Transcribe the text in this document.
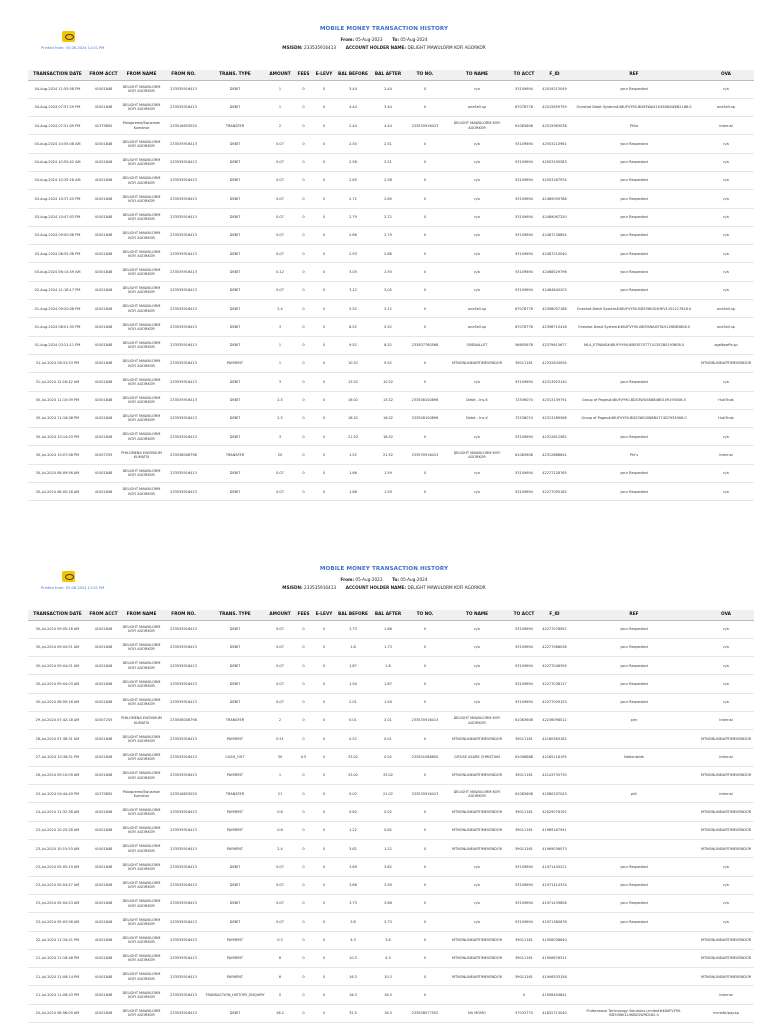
Printed from: 05-08-2024 11:01 PM
MOBILE MONEY TRANSACTION HISTORY
From: 05-Aug-2023 To: 05-Aug-2024
MSISDN: 233535916413 ACCOUNT HOLDER NAME: DELIGHT MAWULORM KOFI AGORKOR
TRANSACTION DATE	FROM ACCT	FROM NAME	FROM NO.	TRANS. TYPE	AMOUNT	FEES	E-LEVY	BAL BEFORE	BAL AFTER	TO NO.	TO NAME	TO ACCT	F_ID	REF	OVA
04-Aug-2024 11:55:58 PM	41001848	DELIGHT MAWULORM KOFI AGORKOR	233535916413	DEBIT	1	0	0	3.44	2.44	0	n/a	53109694	42519213049	your Requested	n/a
04-Aug-2024 07:57:29 PM	41001848	DELIGHT MAWULORM KOFI AGORKOR	233535916413	DEBIT	1	0	0	4.44	3.44	0	oneSell.sp	67078778	42515659759	Oneshot Debit System#48UFVY90-BD93WAX1S45682W6B2188.0	oneSell.sp
04-Aug-2024 07:51:09 PM	41379850	Pistopreme/Ewusman Kumahor	233516653020	TRANSFER	2	0	0	2.44	4.44	233535916413	DELIGHT MAWULORM KOFI AGORKOR	61083608	42515963038	Phila	internal
04-Aug-2024 10:55:08 AM	41001848	DELIGHT MAWULORM KOFI AGORKOR	233535916413	DEBIT	0.07	0	0	2.50	2.51	0	n/a	53109694	42503215961	your Requested	n/a
04-Aug-2024 10:55:42 AM	41001848	DELIGHT MAWULORM KOFI AGORKOR	233535916413	DEBIT	0.07	0	0	2.58	2.51	0	n/a	53109694	42503195583	your Requested	n/a
04-Aug-2024 10:35:28 AM	41001848	DELIGHT MAWULORM KOFI AGORKOR	233535916413	DEBIT	0.07	0	0	2.65	2.58	0	n/a	53109694	42503187934	your Requested	n/a
03-Aug-2024 10:37:25 PM	41001848	DELIGHT MAWULORM KOFI AGORKOR	233535916413	DEBIT	0.07	0	0	2.72	2.65	0	n/a	53109694	42489059788	your Requested	n/a
03-Aug-2024 10:47:03 PM	41001848	DELIGHT MAWULORM KOFI AGORKOR	233535916413	DEBIT	0.07	0	0	2.79	2.72	0	n/a	53109694	42489067250	your Requested	n/a
03-Aug-2024 09:00:08 PM	41001848	DELIGHT MAWULORM KOFI AGORKOR	233535916413	DEBIT	0.07	0	0	2.86	2.79	0	n/a	53109694	42487238854	your Requested	n/a
03-Aug-2024 08:55:38 PM	41001848	DELIGHT MAWULORM KOFI AGORKOR	233535916413	DEBIT	0.07	0	0	2.93	2.86	0	n/a	53109694	42487210040	your Requested	n/a
03-Aug-2024 06:14:49 AM	41001848	DELIGHT MAWULORM KOFI AGORKOR	233535916413	DEBIT	0.12	0	0	3.05	2.93	0	n/a	53109694	42468529796	your Requested	n/a
02-Aug-2024 11:18:17 PM	41001848	DELIGHT MAWULORM KOFI AGORKOR	233535916413	DEBIT	0.07	0	0	3.12	3.05	0	n/a	53109694	42464640203	your Requested	n/a
01-Aug-2024 09:20:08 PM	41001848	DELIGHT MAWULORM KOFI AGORKOR	233535916413	DEBIT	2.4	0	0	5.52	3.12	0	oneSell.sp	67078778	42398057188	Oneshot Debit System#48UFVY90-BD93WGS4HEV1101217618.0	oneSell.sp
01-Aug-2024 08:01:35 PM	41001848	DELIGHT MAWULORM KOFI AGORKOR	233535916413	DEBIT	3	0	0	8.52	5.52	0	oneSell.sp	67078778	42398710418	Oneshot Debit System#48UFVY90-BD93WAX5TAH11BE6D808.0	oneSell.sp
01-Aug-2024 03:21:11 PM	41001848	DELIGHT MAWULORM KOFI AGORKOR	233535916413	DEBIT	1	0	0	9.52	8.52	233507780568	OBENALLET	56655678	42379615677	MLA_ETRANS#48UFVY90-BB03E7ST7741352B0193608.0	ageNewPs.sp
31-Jul-2024 08:31:53 PM	41001848	DELIGHT MAWULORM KOFI AGORKOR	233535916413	PAYMENT	1	0	0	10.52	9.52	0	MTNONLINEAIRTIMEVENDOR	39011161	42332634094		MTNONLINEAIRTIMEVENDOR
31-Jul-2024 12:16:42 AM	41001848	DELIGHT MAWULORM KOFI AGORKOR	233535916413	DEBIT	3	0	0	13.52	10.52	0	n/a	53109694	42313923140	your Requested	n/a
30-Jul-2024 11:15:09 PM	41001848	DELIGHT MAWULORM KOFI AGORKOR	233535916413	DEBIT	2.5	0	0	16.02	13.52	233508100896	Debit - Inv.X	72536074	42313139791	Group of Pages#48UFVY90-BD03WGSK8B4B0109193008.0	HubTrust
30-Jul-2024 11:16:08 PM	41001848	DELIGHT MAWULORM KOFI AGORKOR	233535916413	DEBIT	2.5	0	0	18.52	16.02	233508100896	Debit - Inv.X	72536074	42313189566	Group of Pages#48UFVY90-BD03WGSW8B4774D7934908.0	HubTrust
30-Jul-2024 10:14:03 PM	41001848	DELIGHT MAWULORM KOFI AGORKOR	233535916413	DEBIT	3	0	0	21.52	18.52	0	n/a	53109694	42312812582	your Requested	n/a
30-Jul-2024 10:07:08 PM	41007255	PHILOMENA EWONSUM KUMATSI	233538008798	TRANSFER	20	0	0	1.52	21.52	233535916413	DELIGHT MAWULORM KOFI AGORKOR	61083608	42312688642	Phi's	internal
30-Jul-2024 08:09:56 AM	41001848	DELIGHT MAWULORM KOFI AGORKOR	233535916413	DEBIT	0.07	0	0	1.66	1.59	0	n/a	53109694	42277128765	your Requested	n/a
30-Jul-2024 08:05:18 AM	41001848	DELIGHT MAWULORM KOFI AGORKOR	233535916413	DEBIT	0.07	0	0	1.66	1.59	0	n/a	53109694	42277095182	your Requested	n/a
Printed from: 05-08-2024 11:01 PM
MOBILE MONEY TRANSACTION HISTORY
From: 05-Aug-2023 To: 05-Aug-2024
MSISDN: 233535916413 ACCOUNT HOLDER NAME: DELIGHT MAWULORM KOFI AGORKOR
TRANSACTION DATE	FROM ACCT	FROM NAME	FROM NO.	TRANS. TYPE	AMOUNT	FEES	E-LEVY	BAL BEFORE	BAL AFTER	TO NO.	TO NAME	TO ACCT	F_ID	REF	OVA
30-Jul-2024 09:05:16 AM	41001848	DELIGHT MAWULORM KOFI AGORKOR	233535916413	DEBIT	0.07	0	0	1.73	1.66	0	n/a	53109694	42277078952	your Requested	n/a
30-Jul-2024 09:04:51 AM	41001848	DELIGHT MAWULORM KOFI AGORKOR	233535916413	DEBIT	0.07	0	0	1.8	1.73	0	n/a	53109694	42277068036	your Requested	n/a
30-Jul-2024 09:04:01 AM	41001848	DELIGHT MAWULORM KOFI AGORKOR	233535916413	DEBIT	0.07	0	0	1.87	1.8	0	n/a	53109694	42277046395	your Requested	n/a
30-Jul-2024 09:04:03 AM	41001848	DELIGHT MAWULORM KOFI AGORKOR	233535916413	DEBIT	0.07	0	0	1.94	1.87	0	n/a	53109694	42277038117	your Requested	n/a
30-Jul-2024 08:59:16 AM	41001848	DELIGHT MAWULORM KOFI AGORKOR	233535916413	DEBIT	0.07	0	0	2.01	1.94	0	n/a	53109694	42277009153	your Requested	n/a
29-Jul-2024 07:42:18 AM	41007255	PHILOMENA EWONSUM KUMATSI	233538008798	TRANSFER	2	0	0	0.01	2.01	233535916413	DELIGHT MAWULORM KOFI AGORKOR	61083608	42236098012	p/m	internal
28-Jul-2024 07:38:31 AM	41001848	DELIGHT MAWULORM KOFI AGORKOR	233535916413	PAYMENT	0.51	0	0	0.52	0.01	0	MTNONLINEAIRTIMEVENDOR	39011161	42180563182		MTNONLINEAIRTIMEVENDOR
27-Jul-2024 10:38:51 PM	41001848	DELIGHT MAWULORM KOFI AGORKOR	233535916413	CASH_OUT	30	0.5	0	33.02	0.52	233501088800	GIFUSE ASARE CHRISTIAN	61098888	42165118195	Nationwide	internal
26-Jul-2024 09:10:09 AM	41001848	DELIGHT MAWULORM KOFI AGORKOR	233535916413	PAYMENT	1	0	0	33.02	33.02	0	MTNONLINEAIRTIMEVENDOR	39011161	42143735730		MTNONLINEAIRTIMEVENDOR
25-Jul-2024 04:44:49 PM	41379850	Pistopreme/Ewusman Kumahor	233516653020	TRANSFER	21	0	0	0.02	21.02	233535916413	DELIGHT MAWULORM KOFI AGORKOR	61083608	42080297043	phil	internal
24-Jul-2024 11:32:38 AM	41001848	DELIGHT MAWULORM KOFI AGORKOR	233535916413	PAYMENT	0.6	0	0	0.62	0.02	0	MTNONLINEAIRTIMEVENDOR	39011161	42029078192		MTNONLINEAIRTIMEVENDOR
23-Jul-2024 10:25:28 AM	41001848	DELIGHT MAWULORM KOFI AGORKOR	233535916413	PAYMENT	0.6	0	0	1.22	0.62	0	MTNONLINEAIRTIMEVENDOR	39011161	41969167941		MTNONLINEAIRTIMEVENDOR
23-Jul-2024 10:15:53 AM	41001848	DELIGHT MAWULORM KOFI AGORKOR	233535916413	PAYMENT	2.4	0	0	3.62	1.22	0	MTNONLINEAIRTIMEVENDOR	39011161	41969036073		MTNONLINEAIRTIMEVENDOR
23-Jul-2024 05:05:19 AM	41001848	DELIGHT MAWULORM KOFI AGORKOR	233535916413	DEBIT	0.07	0	0	3.69	3.62	0	n/a	53109694	41971445221	your Requested	n/a
23-Jul-2024 05:04:47 AM	41001848	DELIGHT MAWULORM KOFI AGORKOR	233535916413	DEBIT	0.07	0	0	3.66	3.59	0	n/a	53109694	41971414334	your Requested	n/a
23-Jul-2024 05:04:23 AM	41001848	DELIGHT MAWULORM KOFI AGORKOR	233535916413	DEBIT	0.07	0	0	3.73	3.66	0	n/a	53109694	41971439856	your Requested	n/a
23-Jul-2024 05:03:56 AM	41001848	DELIGHT MAWULORM KOFI AGORKOR	233535916413	DEBIT	0.07	0	0	3.8	3.73	0	n/a	53109694	41971380678	your Requested	n/a
22-Jul-2024 11:34:51 PM	41001848	DELIGHT MAWULORM KOFI AGORKOR	233535916413	PAYMENT	0.3	0	0	4.3	3.8	0	MTNONLINEAIRTIMEVENDOR	39011161	41958038640		MTNONLINEAIRTIMEVENDOR
21-Jul-2024 11:18:48 PM	41001848	DELIGHT MAWULORM KOFI AGORKOR	233535916413	PAYMENT	6	0	0	10.3	4.3	0	MTNONLINEAIRTIMEVENDOR	39011161	41906676311		MTNONLINEAIRTIMEVENDOR
21-Jul-2024 11:08:14 PM	41001848	DELIGHT MAWULORM KOFI AGORKOR	233535916413	PAYMENT	6	0	0	16.3	10.3	0	MTNONLINEAIRTIMEVENDOR	39011161	41906533158		MTNONLINEAIRTIMEVENDOR
21-Jul-2024 11:06:43 PM	41001848	DELIGHT MAWULORM KOFI AGORKOR	233535916413	TRANSACTION_HISTORY_ENQUIRY	0	0	0	16.3	16.3	0		0	41906494841		internal
20-Jul-2024 06:56:09 AM	41001848	DELIGHT MAWULORM KOFI AGORKOR	233535916413	DEBIT	16.2	0	0	32.5	16.3	233508077502	NU MOMO	57032770	41832713040	Flutterwave Technology Solutions Limited#48UFVY90-BD93WK1L9KBZ2W9D162.0	mcredit/pay.sp
